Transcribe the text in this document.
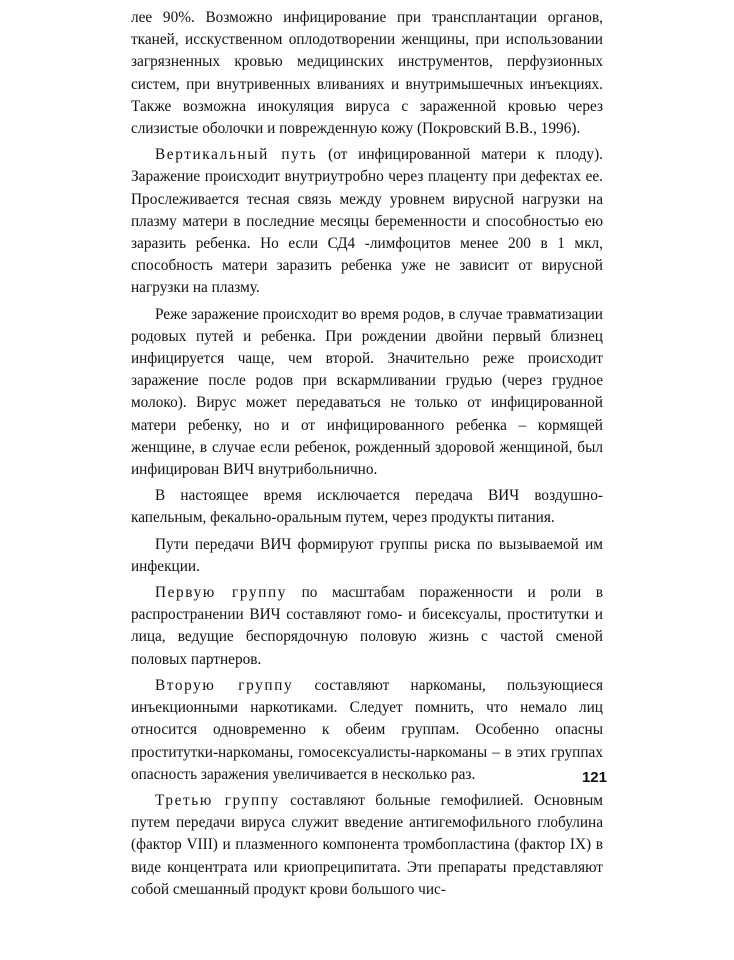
лее 90%. Возможно инфицирование при трансплантации органов, тканей, исскуственном оплодотворении женщины, при использовании загрязненных кровью медицинских инструментов, перфузионных систем, при внутривенных вливаниях и внутримышечных инъекциях. Также возможна инокуляция вируса с зараженной кровью через слизистые оболочки и поврежденную кожу (Покровский В.В., 1996).

Вертикальный путь (от инфицированной матери к плоду). Заражение происходит внутриутробно через плаценту при дефектах ее. Прослеживается тесная связь между уровнем вирусной нагрузки на плазму матери в последние месяцы беременности и способностью ею заразить ребенка. Но если СД4 -лимфоцитов менее 200 в 1 мкл, способность матери заразить ребенка уже не зависит от вирусной нагрузки на плазму.

Реже заражение происходит во время родов, в случае травматизации родовых путей и ребенка. При рождении двойни первый близнец инфицируется чаще, чем второй. Значительно реже происходит заражение после родов при вскармливании грудью (через грудное молоко). Вирус может передаваться не только от инфицированной матери ребенку, но и от инфицированного ребенка – кормящей женщине, в случае если ребенок, рожденный здоровой женщиной, был инфицирован ВИЧ внутрибольнично.

В настоящее время исключается передача ВИЧ воздушно-капельным, фекально-оральным путем, через продукты питания.

Пути передачи ВИЧ формируют группы риска по вызываемой им инфекции.

Первую группу по масштабам пораженности и роли в распространении ВИЧ составляют гомо- и бисексуалы, проститутки и лица, ведущие беспорядочную половую жизнь с частой сменой половых партнеров.

Вторую группу составляют наркоманы, пользующиеся инъекционными наркотиками. Следует помнить, что немало лиц относится одновременно к обеим группам. Особенно опасны проститутки-наркоманы, гомосексуалисты-наркоманы – в этих группах опасность заражения увеличивается в несколько раз.

Третью группу составляют больные гемофилией. Основным путем передачи вируса служит введение антигемофильного глобулина (фактор VIII) и плазменного компонента тромбопластина (фактор IX) в виде концентрата или криопреципитата. Эти препараты представляют собой смешанный продукт крови большого чис-

121
